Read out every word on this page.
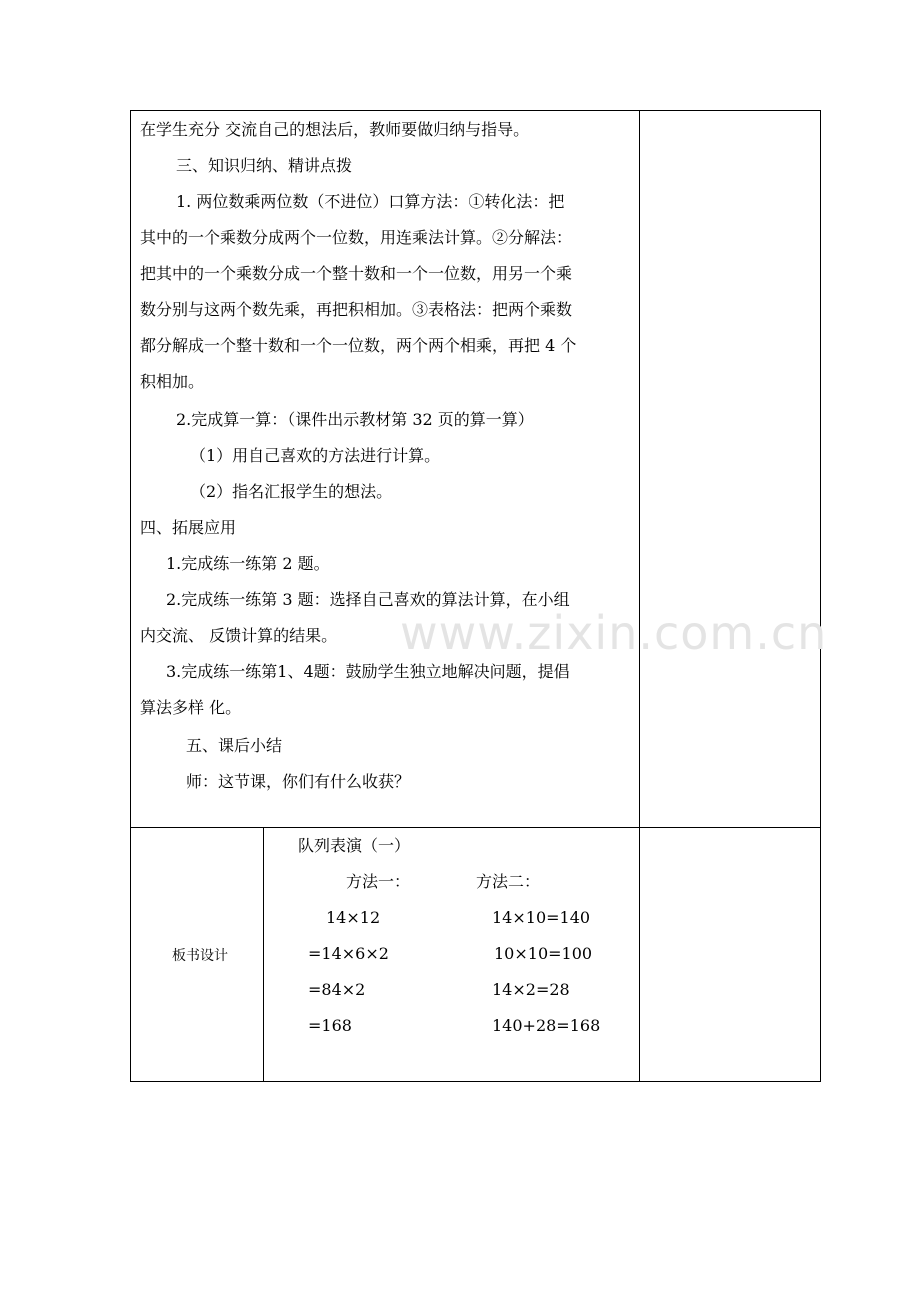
www.zixin.com.cn
在学生充分 交流自己的想法后，教师要做归纳与指导。
三、知识归纳、精讲点拨
1. 两位数乘两位数（不进位）口算方法：①转化法：把
其中的一个乘数分成两个一位数，用连乘法计算。②分解法：
把其中的一个乘数分成一个整十数和一个一位数，用另一个乘
数分别与这两个数先乘，再把积相加。③表格法：把两个乘数
都分解成一个整十数和一个一位数，两个两个相乘，再把 4 个
积相加。
2.完成算一算：（课件出示教材第 32 页的算一算）
（1）用自己喜欢的方法进行计算。
（2）指名汇报学生的想法。
四、拓展应用
1.完成练一练第 2 题。
2.完成练一练第 3 题：选择自己喜欢的算法计算，在小组
内交流、 反馈计算的结果。
3.完成练一练第1、4题：鼓励学生独立地解决问题，提倡
算法多样 化。
五、课后小结
师：这节课，你们有什么收获？
板书设计
队列表演（一）
方法一：	方法二：
14×12
=14×6×2
=84×2
=168
14×10=140
10×10=100
14×2=28
140+28=168
